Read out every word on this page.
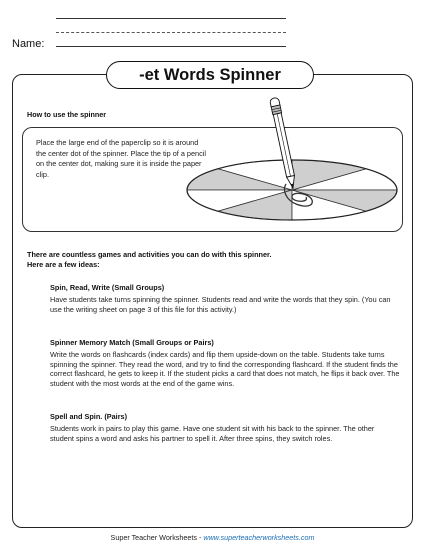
Name:
-et Words Spinner
How to use the spinner
Place the large end of the paperclip so it is around the center dot of the spinner. Place the tip of a pencil on the center dot, making sure it is inside the paper clip.
There are countless games and activities you can do with this spinner.
Here are a few ideas:
Spin, Read, Write (Small Groups)
Have students take turns spinning the spinner. Students read and write the words that they spin. (You can use the writing sheet on page 3 of this file for this activity.)
Spinner Memory Match (Small Groups or Pairs)
Write the words on flashcards (index cards) and flip them upside-down on the table. Students take turns spinning the spinner. They read the word, and try to find the corresponding flashcard. If the student finds the correct flashcard, he gets to keep it. If the student picks a card that does not match, he flips it back over. The student with the most words at the end of the game wins.
Spell and Spin. (Pairs)
Students work in pairs to play this game. Have one student sit with his back to the spinner. The other student spins a word and asks his partner to spell it. After three spins, they switch roles.
Super Teacher Worksheets - www.superteacherworksheets.com
